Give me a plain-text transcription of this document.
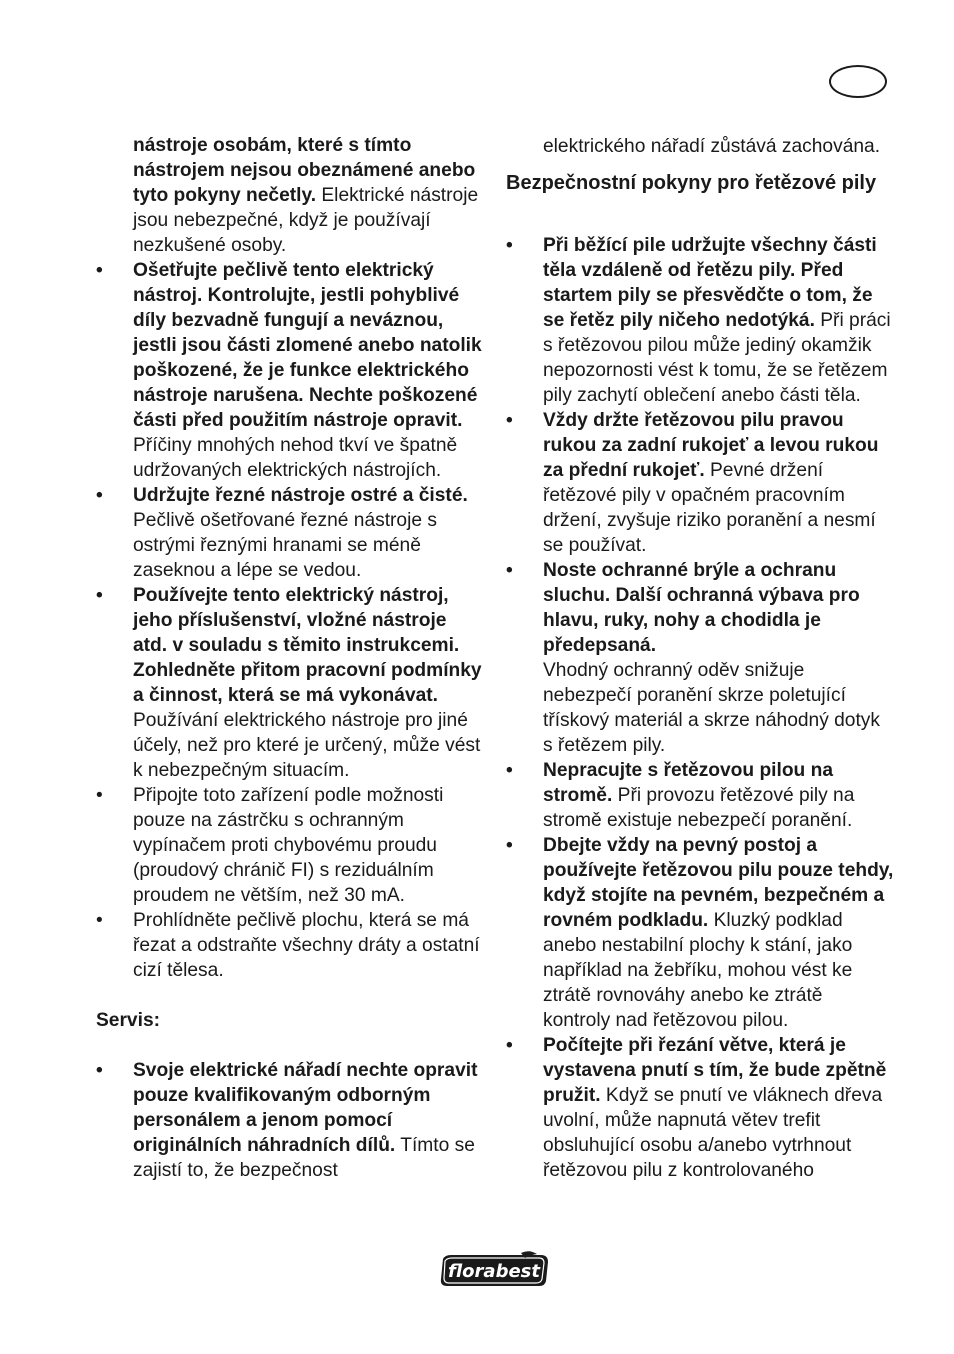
nástroje osobám, které s tímto nástrojem nejsou obeznámené anebo tyto pokyny nečetly. Elektrické nástroje jsou nebezpečné, když je používají nezkušené osoby.
•	Ošetřujte pečlivě tento elektrický nástroj. Kontrolujte, jestli pohyblivé díly bezvadně fungují a neváznou, jestli jsou části zlomené anebo natolik poškozené, že je funkce elektrického nástroje narušena. Nechte poškozené části před použitím nástroje opravit. Příčiny mnohých nehod tkví ve špatně udržovaných elektrických nástrojích.
•	Udržujte řezné nástroje ostré a čisté. Pečlivě ošetřované řezné nástroje s ostrými řeznými hranami se méně zaseknou a lépe se vedou.
•	Používejte tento elektrický nástroj, jeho příslušenství, vložné nástroje atd. v souladu s těmito instrukcemi.
Zohledněte přitom pracovní podmínky a činnost, která se má vykonávat. Používání elektrického nástroje pro jiné účely, než pro které je určený, může vést k nebezpečným situacím.
•	Připojte toto zařízení podle možnosti pouze na zástrčku s ochranným vypínačem proti chybovému proudu (proudový chránič FI) s reziduálním proudem ne větším, než 30 mA.
•	Prohlídněte pečlivě plochu, která se má řezat a odstraňte všechny dráty a ostatní cizí tělesa.
Servis:
•	Svoje elektrické nářadí nechte opravit pouze kvalifikovaným odborným personálem a jenom pomocí originálních náhradních dílů. Tímto se zajistí to, že bezpečnost
elektrického nářadí zůstává zachována.
Bezpečnostní pokyny pro řetězové pily
•	Při běžící pile udržujte všechny části těla vzdáleně od řetězu pily. Před startem pily se přesvědčte o tom, že se řetěz pily ničeho nedotýká. Při práci s řetězovou pilou může jediný okamžik nepozornosti vést k tomu, že se řetězem pily zachytí oblečení anebo části těla.
•	Vždy držte řetězovou pilu pravou rukou za zadní rukojeť a levou rukou za přední rukojeť. Pevné držení řetězové pily v opačném pracovním držení, zvyšuje riziko poranění a nesmí se používat.
•	Noste ochranné brýle a ochranu sluchu. Další ochranná výbava pro hlavu, ruky, nohy a chodidla je předepsaná.
Vhodný ochranný oděv snižuje nebezpečí poranění skrze poletující třískový materiál a skrze náhodný dotyk s řetězem pily.
•	Nepracujte s řetězovou pilou na stromě. Při provozu řetězové pily na stromě existuje nebezpečí poranění.
•	Dbejte vždy na pevný postoj a používejte řetězovou pilu pouze tehdy, když stojíte na pevném, bezpečném a rovném podkladu. Kluzký podklad anebo nestabilní plochy k stání, jako například na žebříku, mohou vést ke ztrátě rovnováhy anebo ke ztrátě kontroly nad řetězovou pilou.
•	Počítejte při řezání větve, která je vystavena pnutí s tím, že bude zpětně pružit. Když se pnutí ve vláknech dřeva uvolní, může napnutá větev trefit obsluhující osobu a/anebo vytrhnout řetězovou pilu z kontrolovaného
florabest
